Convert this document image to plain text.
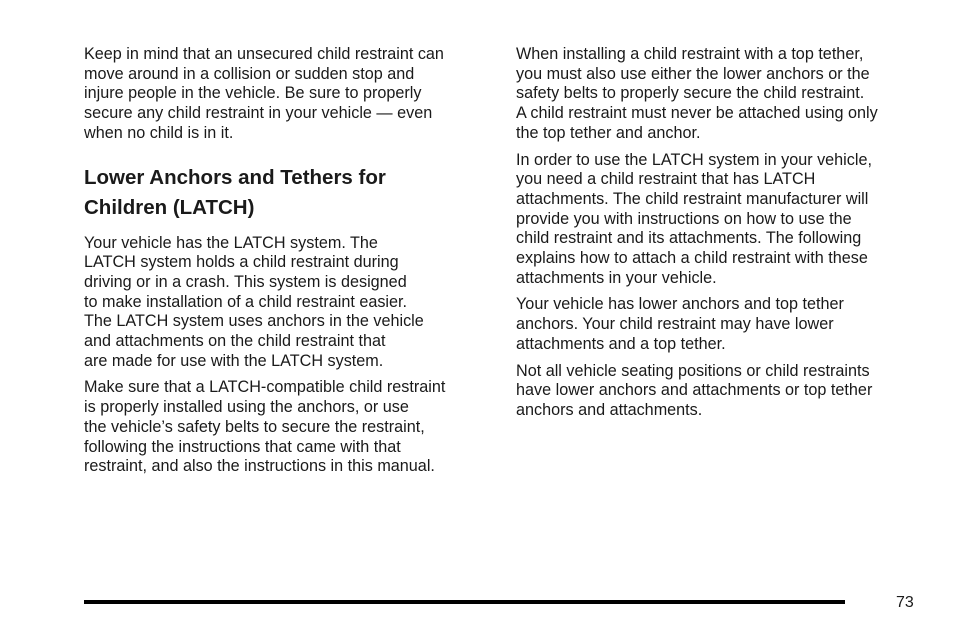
Keep in mind that an unsecured child restraint can
move around in a collision or sudden stop and
injure people in the vehicle. Be sure to properly
secure any child restraint in your vehicle — even
when no child is in it.

Lower Anchors and Tethers for
Children (LATCH)

Your vehicle has the LATCH system. The
LATCH system holds a child restraint during
driving or in a crash. This system is designed
to make installation of a child restraint easier.
The LATCH system uses anchors in the vehicle
and attachments on the child restraint that
are made for use with the LATCH system.

Make sure that a LATCH-compatible child restraint
is properly installed using the anchors, or use
the vehicle’s safety belts to secure the restraint,
following the instructions that came with that
restraint, and also the instructions in this manual.

When installing a child restraint with a top tether,
you must also use either the lower anchors or the
safety belts to properly secure the child restraint.
A child restraint must never be attached using only
the top tether and anchor.

In order to use the LATCH system in your vehicle,
you need a child restraint that has LATCH
attachments. The child restraint manufacturer will
provide you with instructions on how to use the
child restraint and its attachments. The following
explains how to attach a child restraint with these
attachments in your vehicle.

Your vehicle has lower anchors and top tether
anchors. Your child restraint may have lower
attachments and a top tether.

Not all vehicle seating positions or child restraints
have lower anchors and attachments or top tether
anchors and attachments.

73
